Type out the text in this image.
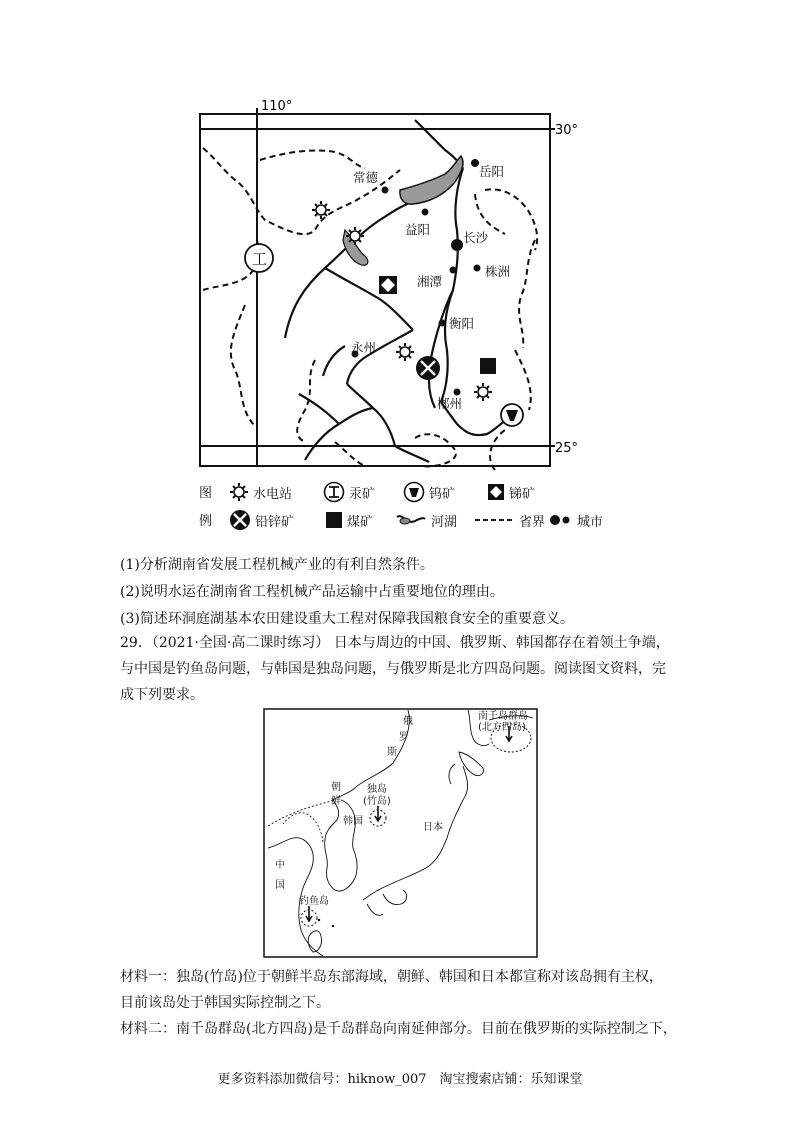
110°
30°
25°
岳阳
常德
益阳
长沙
湘潭
株洲
衡阳
永州
郴州
工
图	水电站	汞矿	钨矿	锑矿
例	铅锌矿	煤矿	河湖	省界 城市
(1)分析湖南省发展工程机械产业的有利自然条件。
(2)说明水运在湖南省工程机械产品运输中占重要地位的理由。
(3)简述环洞庭湖基本农田建设重大工程对保障我国粮食安全的重要意义。
29．（2021·全国·高二课时练习） 日本与周边的中国、俄罗斯、韩国都存在着领土争端，
与中国是钓鱼岛问题，与韩国是独岛问题，与俄罗斯是北方四岛问题。阅读图文资料，完
成下列要求。
南千岛群岛
(北方四岛)
俄
罗
斯
朝
鲜
韩国
独岛
(竹岛)
日本
中
国
钓鱼岛
材料一：独岛(竹岛)位于朝鲜半岛东部海域，朝鲜、韩国和日本都宣称对该岛拥有主权，
目前该岛处于韩国实际控制之下。
材料二：南千岛群岛(北方四岛)是千岛群岛向南延伸部分。目前在俄罗斯的实际控制之下，
更多资料添加微信号：hiknow_007　淘宝搜索店铺：乐知课堂
